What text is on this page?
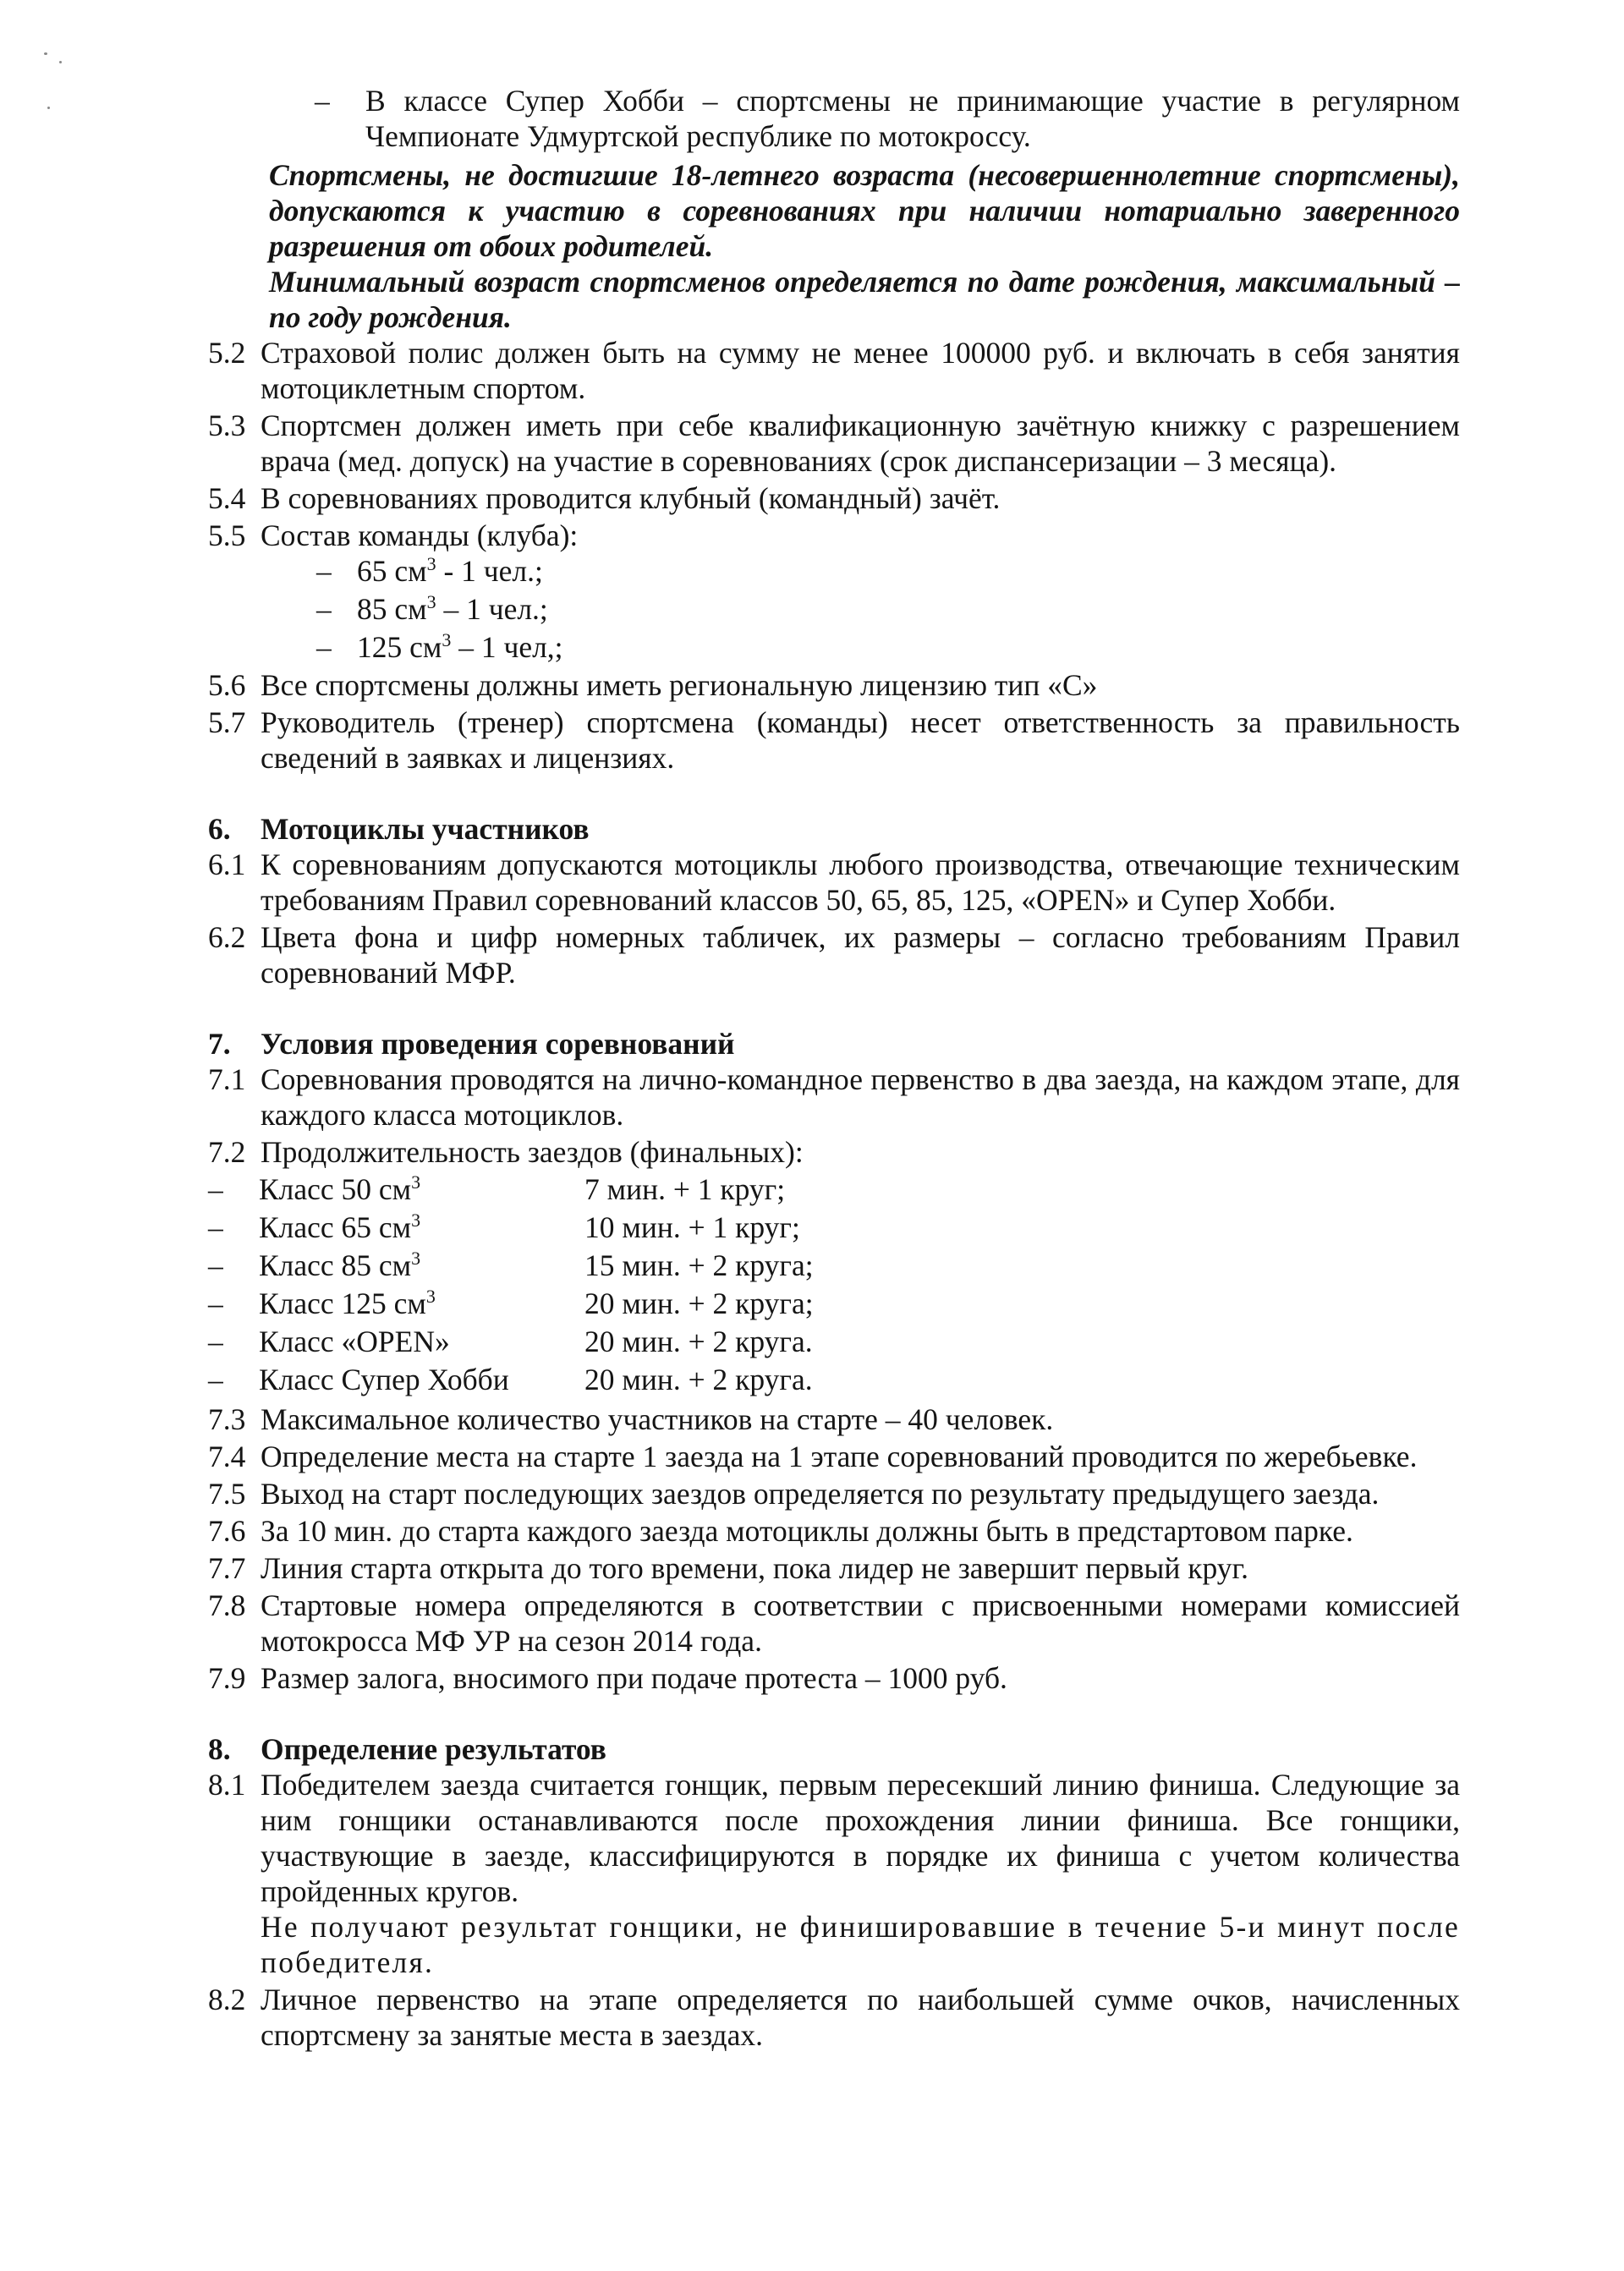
– В классе Супер Хобби – спортсмены не принимающие участие в регулярном Чемпионате Удмуртской республике по мотокроссу.
Спортсмены, не достигшие 18-летнего возраста (несовершеннолетние спортсмены), допускаются к участию в соревнованиях при наличии нотариально заверенного разрешения от обоих родителей.
Минимальный возраст спортсменов определяется по дате рождения, максимальный – по году рождения.
5.2 Страховой полис должен быть на сумму не менее 100000 руб. и включать в себя занятия мотоциклетным спортом.
5.3 Спортсмен должен иметь при себе квалификационную зачётную книжку с разрешением врача (мед. допуск) на участие в соревнованиях (срок диспансеризации – 3 месяца).
5.4 В соревнованиях проводится клубный (командный) зачёт.
5.5 Состав команды (клуба):
– 65 $см^3 - 1$ чел.;
– 85 $см^3 - 1$ чел.;
– 125 $см^3 - 1$ чел,;
5.6 Все спортсмены должны иметь региональную лицензию тип «С»
5.7 Руководитель (тренер) спортсмена (команды) несет ответственность за правильность сведений в заявках и лицензиях.
6. Мотоциклы участников
6.1 К соревнованиям допускаются мотоциклы любого производства, отвечающие техническим требованиям Правил соревнований классов 50, 65, 85, 125, «OPEN» и Супер Хобби.
6.2 Цвета фона и цифр номерных табличек, их размеры – согласно требованиям Правил соревнований МФР.
7. Условия проведения соревнований
7.1 Соревнования проводятся на лично-командное первенство в два заезда, на каждом этапе, для каждого класса мотоциклов.
7.2 Продолжительность заездов (финальных):
– Класс 50 $см^3$	7 мин. + 1 круг;
– Класс 65 $см^3$	10 мин. + 1 круг;
– Класс 85 $см^3$	15 мин. + 2 круга;
– Класс 125 $см^3$	20 мин. + 2 круга;
– Класс «OPEN»	20 мин. + 2 круга.
– Класс Супер Хобби	20 мин. + 2 круга.
7.3 Максимальное количество участников на старте – 40 человек.
7.4 Определение места на старте 1 заезда на 1 этапе соревнований проводится по жеребьевке.
7.5 Выход на старт последующих заездов определяется по результату предыдущего заезда.
7.6 За 10 мин. до старта каждого заезда мотоциклы должны быть в предстартовом парке.
7.7 Линия старта открыта до того времени, пока лидер не завершит первый круг.
7.8 Стартовые номера определяются в соответствии с присвоенными номерами комиссией мотокросса МФ УР на сезон 2014 года.
7.9 Размер залога, вносимого при подаче протеста – 1000 руб.
8. Определение результатов
8.1 Победителем заезда считается гонщик, первым пересекший линию финиша. Следующие за ним гонщики останавливаются после прохождения линии финиша. Все гонщики, участвующие в заезде, классифицируются в порядке их финиша с учетом количества пройденных кругов.
Не получают результат гонщики, не финишировавшие в течение 5-и минут после победителя.
8.2 Личное первенство на этапе определяется по наибольшей сумме очков, начисленных спортсмену за занятые места в заездах.
